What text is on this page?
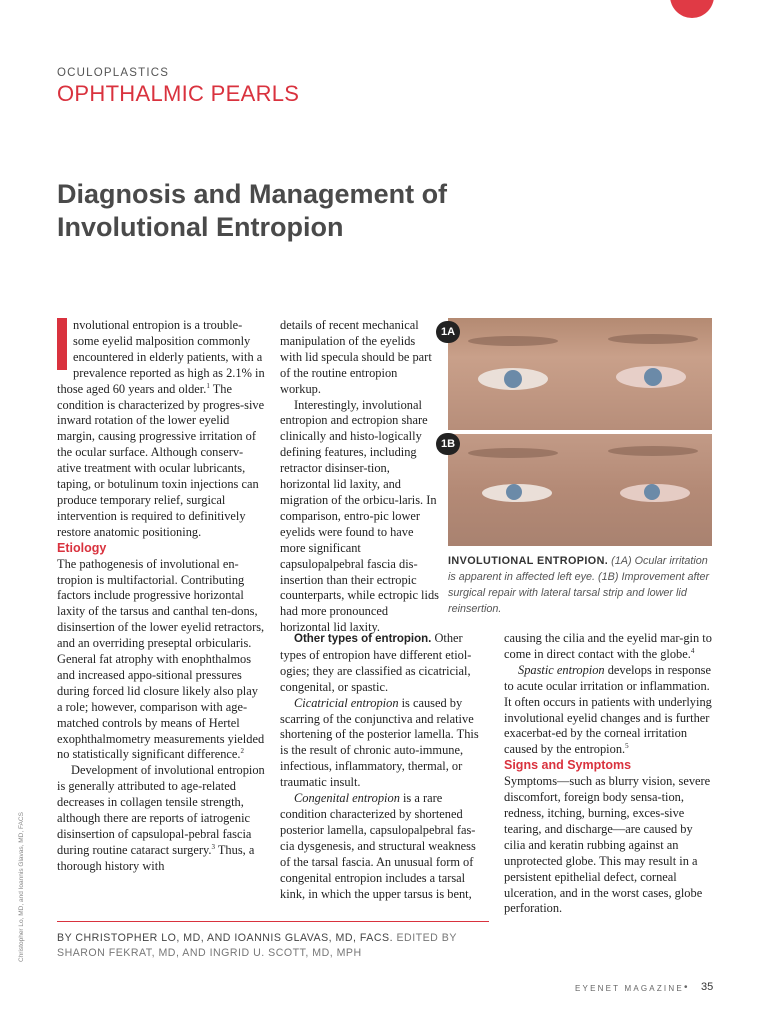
OCULOPLASTICS
OPHTHALMIC PEARLS
Diagnosis and Management of Involutional Entropion

nvolutional entropion is a trouble-some eyelid malposition commonly encountered in elderly patients, with a prevalence reported as high as 2.1% in those aged 60 years and older.$^1$ The condition is characterized by progres-sive inward rotation of the lower eyelid margin, causing progressive irritation of the ocular surface. Although conserv-ative treatment with ocular lubricants, taping, or botulinum toxin injections can produce temporary relief, surgical intervention is required to definitively restore anatomic positioning.

Etiology

The pathogenesis of involutional en-tropion is multifactorial. Contributing factors include progressive horizontal laxity of the tarsus and canthal ten-dons, disinsertion of the lower eyelid retractors, and an overriding preseptal orbicularis. General fat atrophy with enophthalmos and increased appo-sitional pressures during forced lid closure likely also play a role; however, comparison with age-matched controls by means of Hertel exophthalmometry measurements yielded no statistically significant difference.$^2$

Development of involutional entropion is generally attributed to age-related decreases in collagen tensile strength, although there are reports of iatrogenic disinsertion of capsulopal-pebral fascia during routine cataract surgery.$^3$ Thus, a thorough history with

details of recent mechanical manipulation of the eyelids with lid specula should be part of the routine entropion workup.

Interestingly, involutional entropion and ectropion share clinically and histo-logically defining features, including retractor disinser-tion, horizontal lid laxity, and migration of the orbicu-laris. In comparison, entro-pic lower eyelids were found to have more significant capsulopalpebral fascia dis-insertion than their ectropic counterparts, while ectropic lids had more pronounced horizontal lid laxity.

1A
1B
INVOLUTIONAL ENTROPION. (1A) Ocular irritation is apparent in affected left eye. (1B) Improvement after surgical repair with lateral tarsal strip and lower lid reinsertion.

Other types of entropion. Other types of entropion have different etiol-ogies; they are classified as cicatricial, congenital, or spastic.

Cicatricial entropion is caused by scarring of the conjunctiva and relative shortening of the posterior lamella. This is the result of chronic auto-immune, infectious, inflammatory, thermal, or traumatic insult.

Congenital entropion is a rare condition characterized by shortened posterior lamella, capsulopalpebral fas-cia dysgenesis, and structural weakness of the tarsal fascia. An unusual form of congenital entropion includes a tarsal kink, in which the upper tarsus is bent,

causing the cilia and the eyelid mar-gin to come in direct contact with the globe.$^4$

Spastic entropion develops in response to acute ocular irritation or inflammation. It often occurs in patients with underlying involutional eyelid changes and is further exacerbat-ed by the corneal irritation caused by the entropion.$^5$

Signs and Symptoms

Symptoms—such as blurry vision, severe discomfort, foreign body sensa-tion, redness, itching, burning, exces-sive tearing, and discharge—are caused by cilia and keratin rubbing against an unprotected globe. This may result in a persistent epithelial defect, corneal ulceration, and in the worst cases, globe perforation.

BY CHRISTOPHER LO, MD, AND IOANNIS GLAVAS, MD, FACS. EDITED BY SHARON FEKRAT, MD, AND INGRID U. SCOTT, MD, MPH
Christopher Lo, MD, and Ioannis Glavas, MD, FACS
EYENET MAGAZINE • 35
